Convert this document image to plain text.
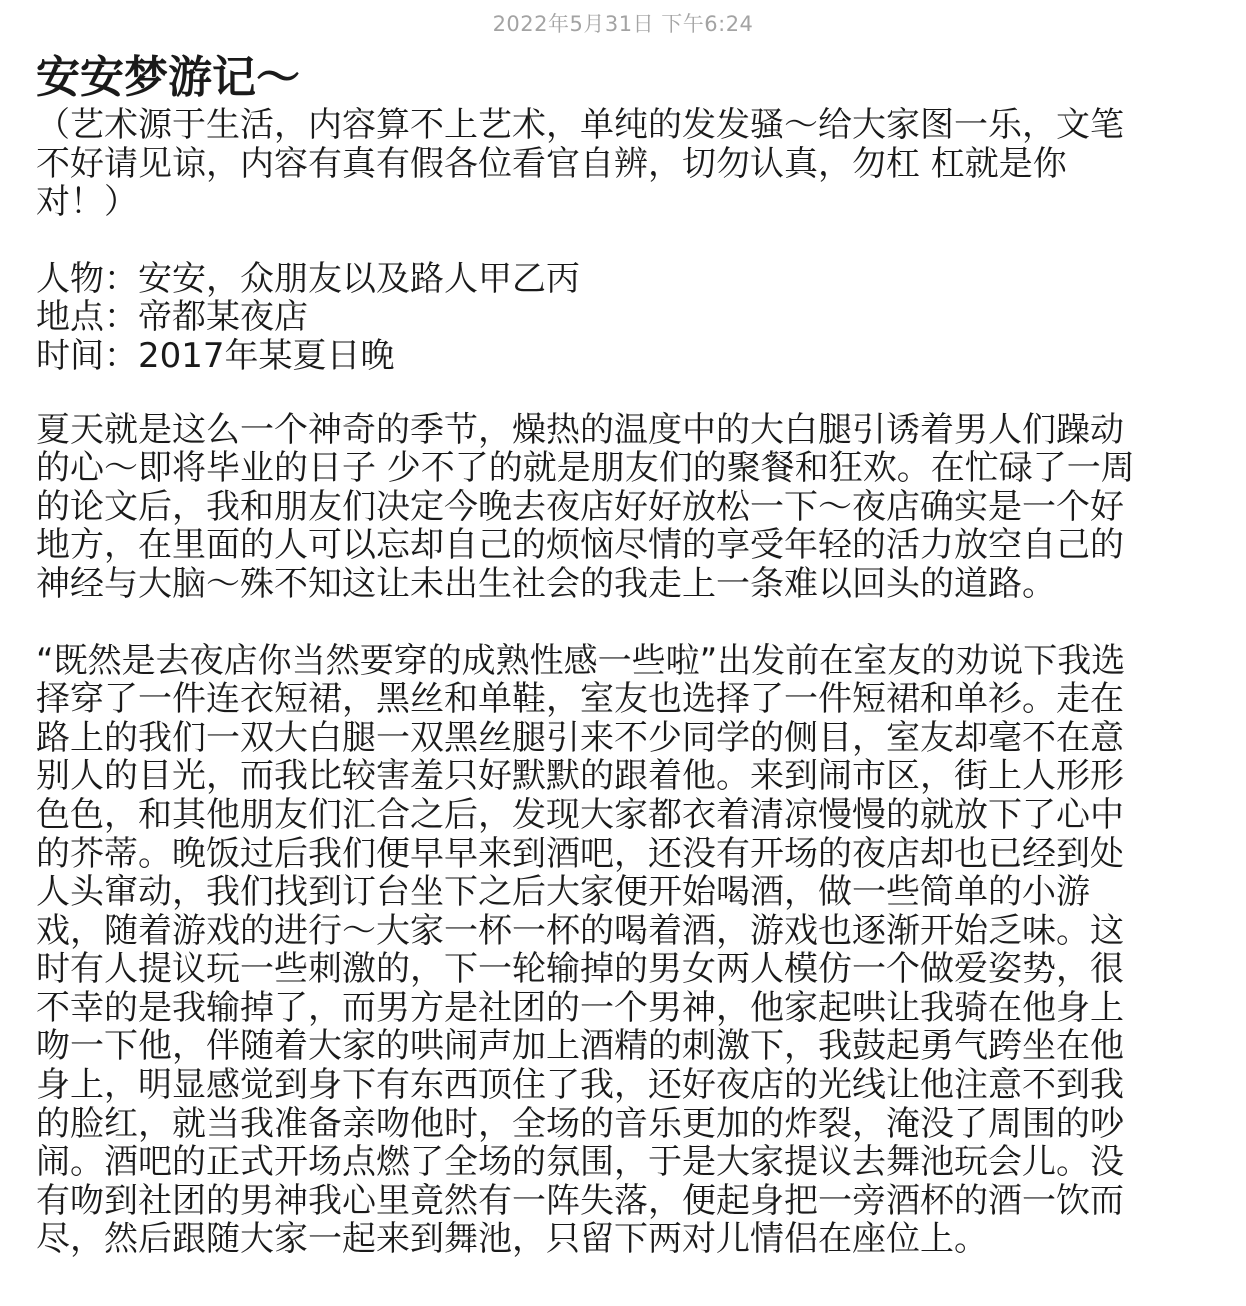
2022年5月31日 下午6:24
安安梦游记～
（艺术源于生活，内容算不上艺术，单纯的发发骚～给大家图一乐，文笔
不好请见谅，内容有真有假各位看官自辨，切勿认真，勿杠 杠就是你
对！）
人物：安安，众朋友以及路人甲乙丙
地点：帝都某夜店
时间：2017年某夏日晚
夏天就是这么一个神奇的季节，燥热的温度中的大白腿引诱着男人们躁动
的心～即将毕业的日子 少不了的就是朋友们的聚餐和狂欢。在忙碌了一周
的论文后，我和朋友们决定今晚去夜店好好放松一下～夜店确实是一个好
地方，在里面的人可以忘却自己的烦恼尽情的享受年轻的活力放空自己的
神经与大脑～殊不知这让未出生社会的我走上一条难以回头的道路。
“既然是去夜店你当然要穿的成熟性感一些啦”出发前在室友的劝说下我选
择穿了一件连衣短裙，黑丝和单鞋，室友也选择了一件短裙和单衫。走在
路上的我们一双大白腿一双黑丝腿引来不少同学的侧目，室友却毫不在意
别人的目光，而我比较害羞只好默默的跟着他。来到闹市区，街上人形形
色色，和其他朋友们汇合之后，发现大家都衣着清凉慢慢的就放下了心中
的芥蒂。晚饭过后我们便早早来到酒吧，还没有开场的夜店却也已经到处
人头窜动，我们找到订台坐下之后大家便开始喝酒，做一些简单的小游
戏，随着游戏的进行～大家一杯一杯的喝着酒，游戏也逐渐开始乏味。这
时有人提议玩一些刺激的，下一轮输掉的男女两人模仿一个做爱姿势，很
不幸的是我输掉了，而男方是社团的一个男神，他家起哄让我骑在他身上
吻一下他，伴随着大家的哄闹声加上酒精的刺激下，我鼓起勇气跨坐在他
身上，明显感觉到身下有东西顶住了我，还好夜店的光线让他注意不到我
的脸红，就当我准备亲吻他时，全场的音乐更加的炸裂，淹没了周围的吵
闹。酒吧的正式开场点燃了全场的氛围，于是大家提议去舞池玩会儿。没
有吻到社团的男神我心里竟然有一阵失落，便起身把一旁酒杯的酒一饮而
尽，然后跟随大家一起来到舞池，只留下两对儿情侣在座位上。
